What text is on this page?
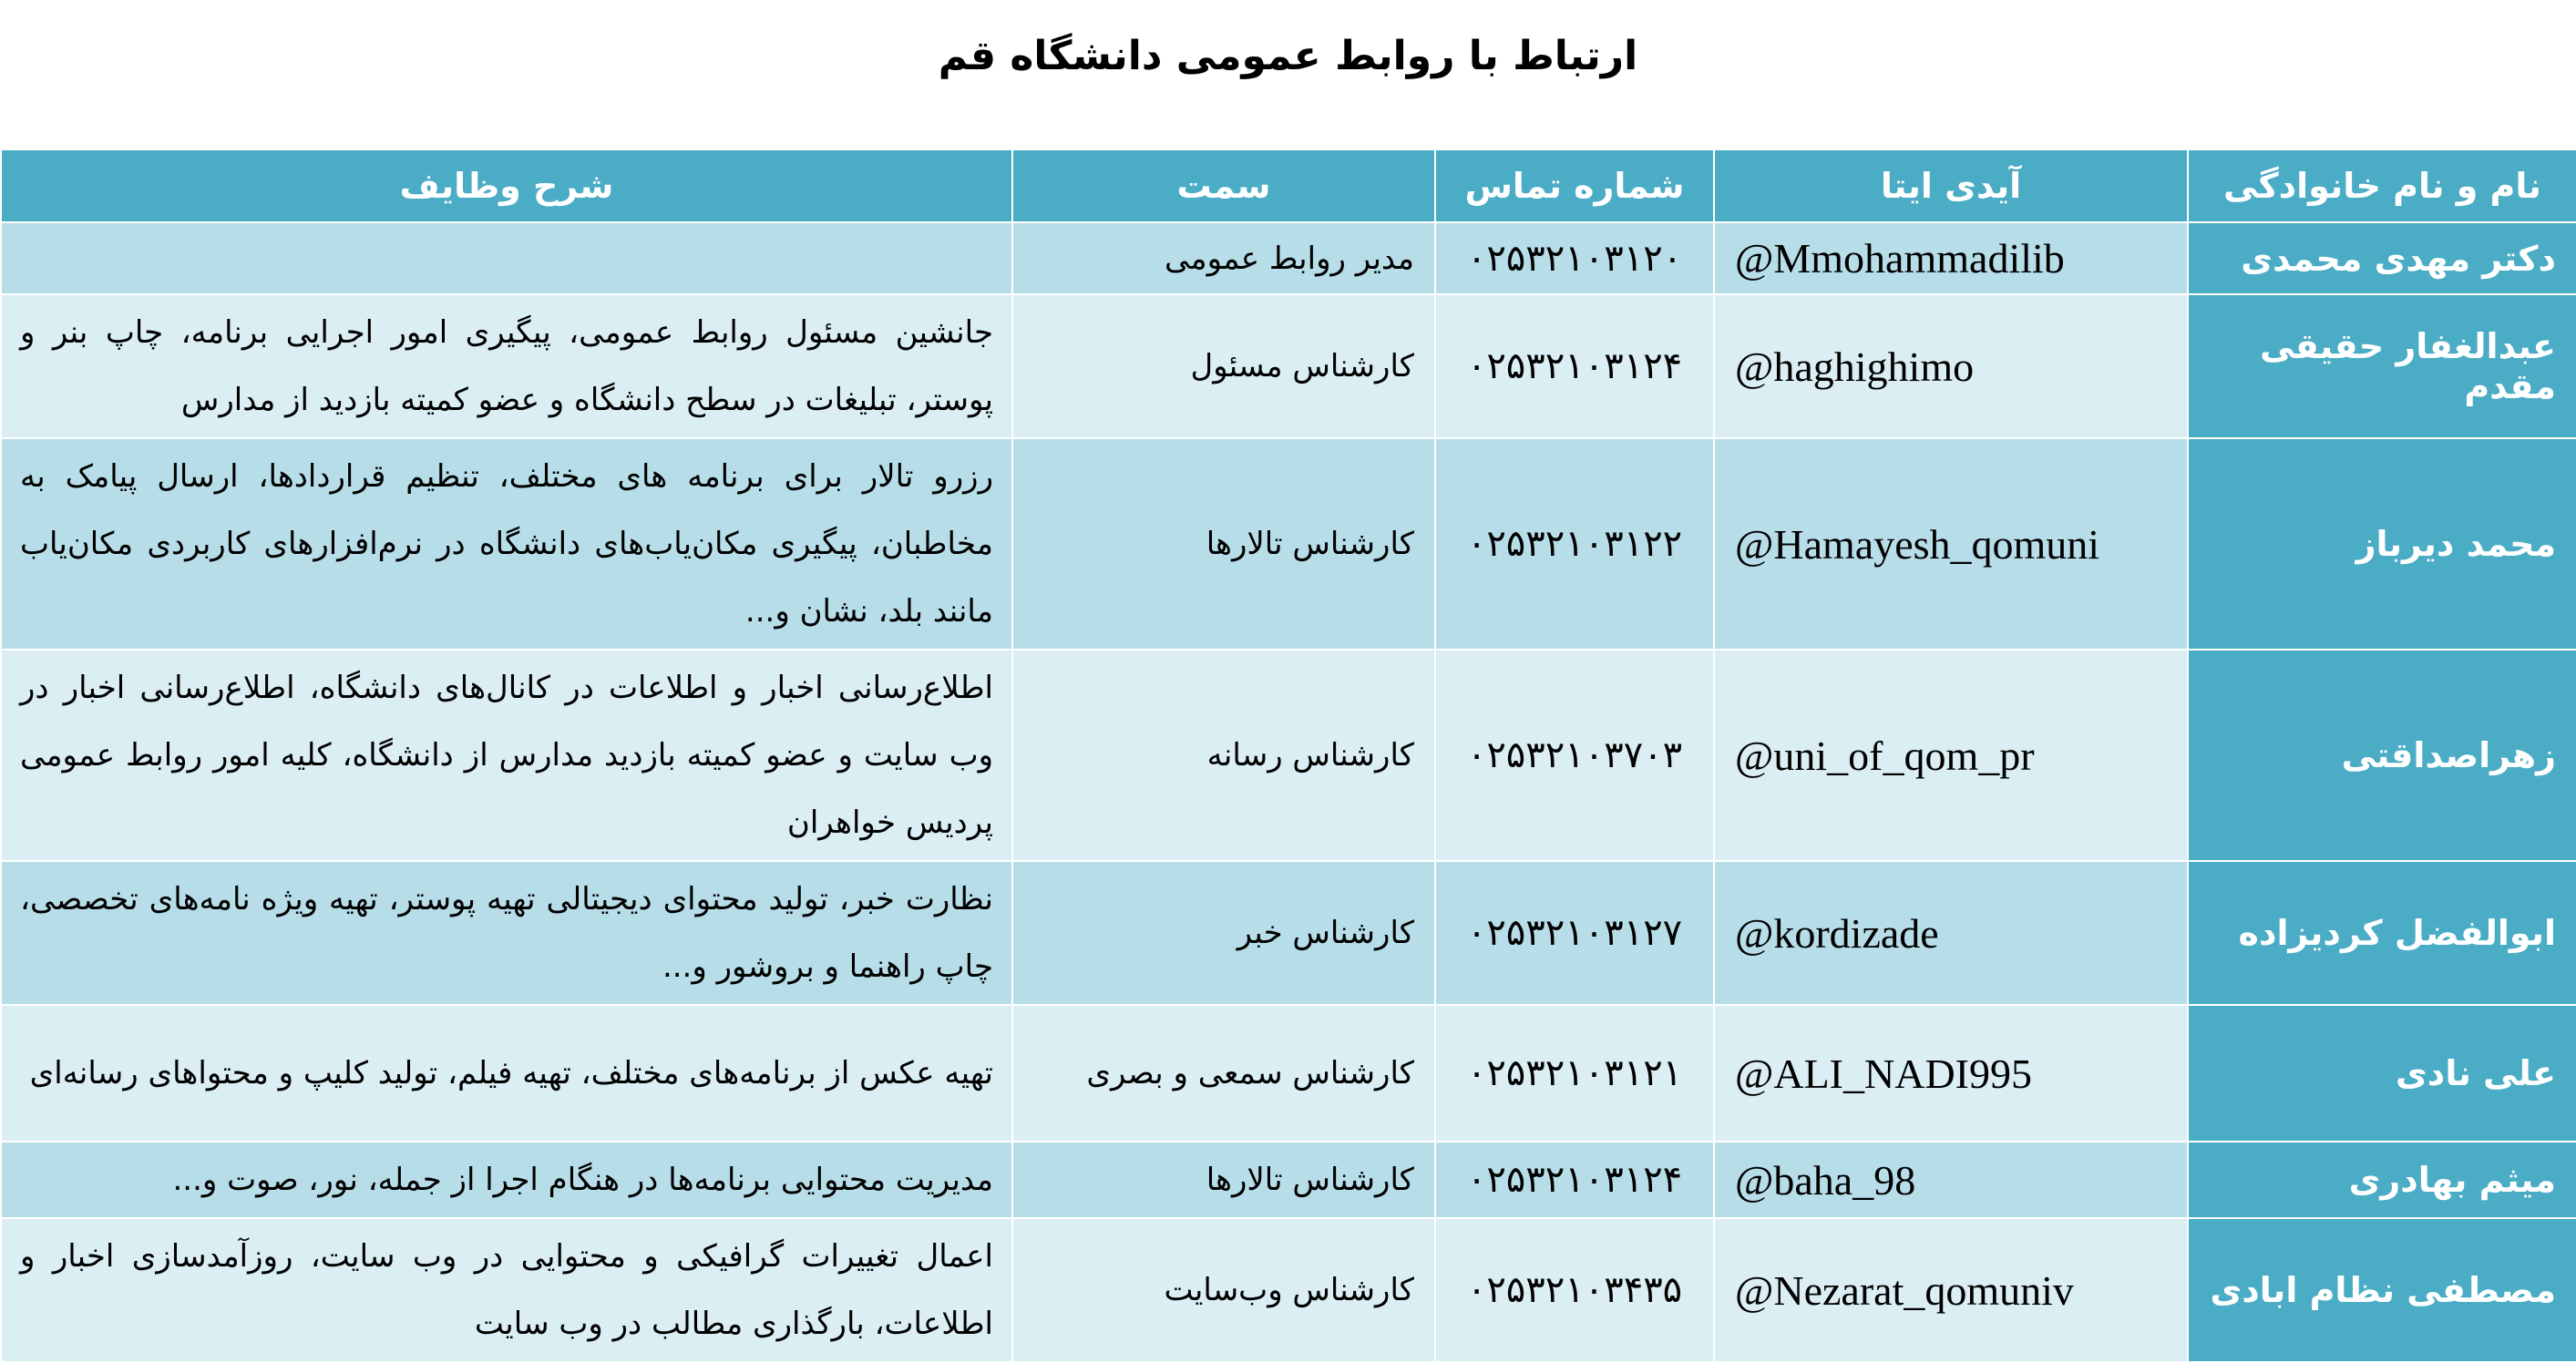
ارتباط با روابط عمومی دانشگاه قم
نام و نام خانوادگی	آیدی ایتا	شماره تماس	سمت	شرح وظایف
دکتر مهدی محمدی	@Mmohammadilib	۰۲۵۳۲۱۰۳۱۲۰	مدیر روابط عمومی	
عبدالغفار حقیقی مقدم	@haghighimo	۰۲۵۳۲۱۰۳۱۲۴	کارشناس مسئول	جانشین مسئول روابط عمومی، پیگیری امور اجرایی برنامه، چاپ بنر و پوستر، تبلیغات در سطح دانشگاه و عضو کمیته بازدید از مدارس
محمد دیرباز	@Hamayesh_qomuni	۰۲۵۳۲۱۰۳۱۲۲	کارشناس تالارها	رزرو تالار برای برنامه های مختلف، تنظیم قراردادها، ارسال پیامک به مخاطبان، پیگیری مکان‌یاب‌های دانشگاه در نرم‌افزارهای کاربردی مکان‌یاب مانند بلد، نشان و...
زهراصداقتی	@uni_of_qom_pr	۰۲۵۳۲۱۰۳۷۰۳	کارشناس رسانه	اطلاع‌رسانی اخبار و اطلاعات در کانال‌های دانشگاه، اطلاع‌رسانی اخبار در وب سایت و عضو کمیته بازدید مدارس از دانشگاه، کلیه امور روابط عمومی پردیس خواهران
ابوالفضل کردیزاده	@kordizade	۰۲۵۳۲۱۰۳۱۲۷	کارشناس خبر	نظارت خبر، تولید محتوای دیجیتالی تهیه پوستر، تهیه ویژه نامه‌های تخصصی، چاپ راهنما و بروشور و...
علی نادی	@ALI_NADI995	۰۲۵۳۲۱۰۳۱۲۱	کارشناس سمعی و بصری	تهیه عکس از برنامه‌های مختلف، تهیه فیلم، تولید کلیپ و محتواهای رسانه‌ای
میثم بهادری	@baha_98	۰۲۵۳۲۱۰۳۱۲۴	کارشناس تالارها	مدیریت محتوایی برنامه‌ها در هنگام اجرا از جمله، نور، صوت و...
مصطفی نظام ابادی	@Nezarat_qomuniv	۰۲۵۳۲۱۰۳۴۳۵	کارشناس وب‌سایت	اعمال تغییرات گرافیکی و محتوایی در وب سایت، روزآمدسازی اخبار و اطلاعات، بارگذاری مطالب در وب سایت
